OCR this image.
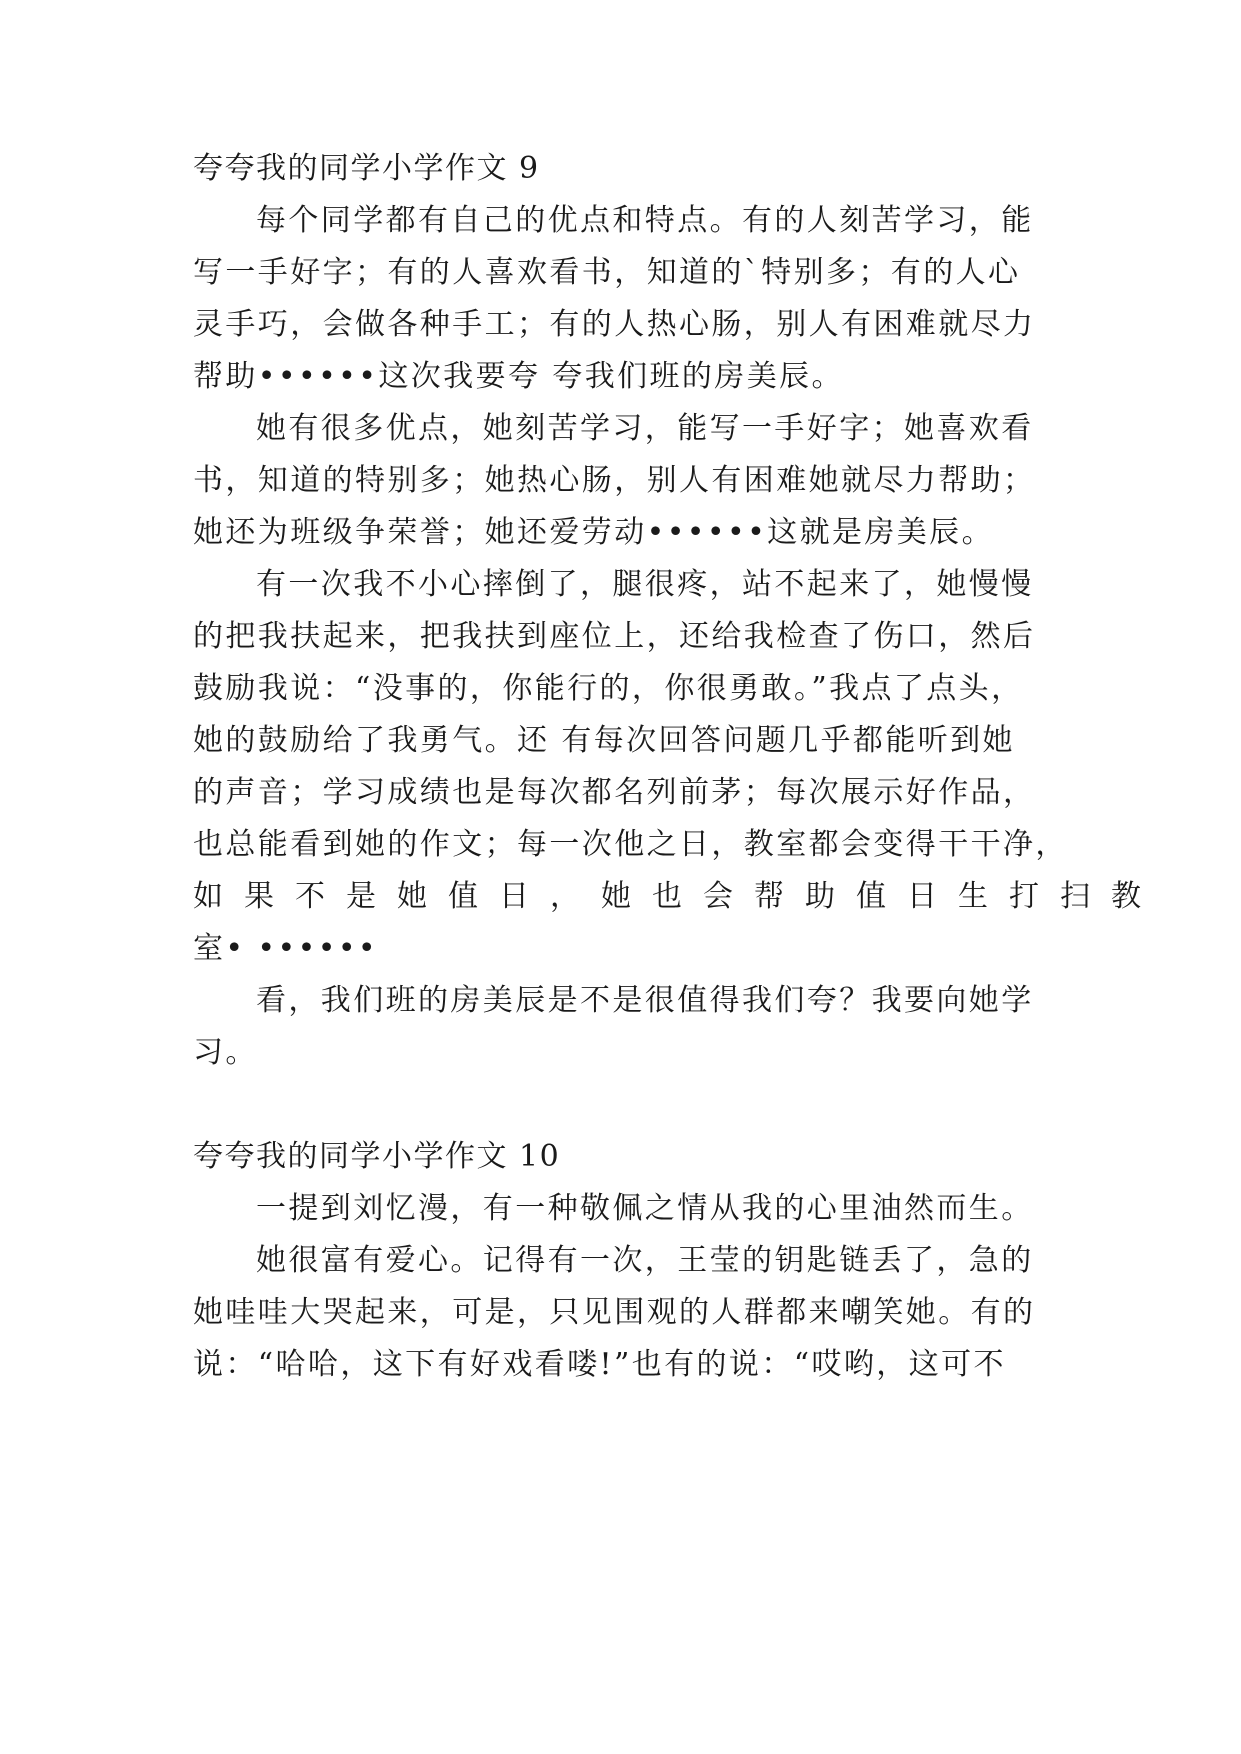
夸夸我的同学小学作文 9
每个同学都有自己的优点和特点。有的人刻苦学习，能
写一手好字；有的人喜欢看书，知道的`特别多；有的人心
灵手巧，会做各种手工；有的人热心肠，别人有困难就尽力
帮助••••••这次我要夸 夸我们班的房美辰。
她有很多优点，她刻苦学习，能写一手好字；她喜欢看
书，知道的特别多；她热心肠，别人有困难她就尽力帮助；
她还为班级争荣誉；她还爱劳动••••••这就是房美辰。
有一次我不小心摔倒了，腿很疼，站不起来了，她慢慢
的把我扶起来，把我扶到座位上，还给我检查了伤口，然后
鼓励我说：“没事的，你能行的，你很勇敢。”我点了点头，
她的鼓励给了我勇气。还 有每次回答问题几乎都能听到她
的声音；学习成绩也是每次都名列前茅；每次展示好作品，
也总能看到她的作文；每一次他之日，教室都会变得干干净，
如果不是她值日，她也会帮助值日生打扫教
室• ••••••
看，我们班的房美辰是不是很值得我们夸？我要向她学
习。
夸夸我的同学小学作文 10
一提到刘忆漫，有一种敬佩之情从我的心里油然而生。
她很富有爱心。记得有一次，王莹的钥匙链丢了，急的
她哇哇大哭起来，可是，只见围观的人群都来嘲笑她。有的
说：“哈哈，这下有好戏看喽!”也有的说：“哎哟，这可不
